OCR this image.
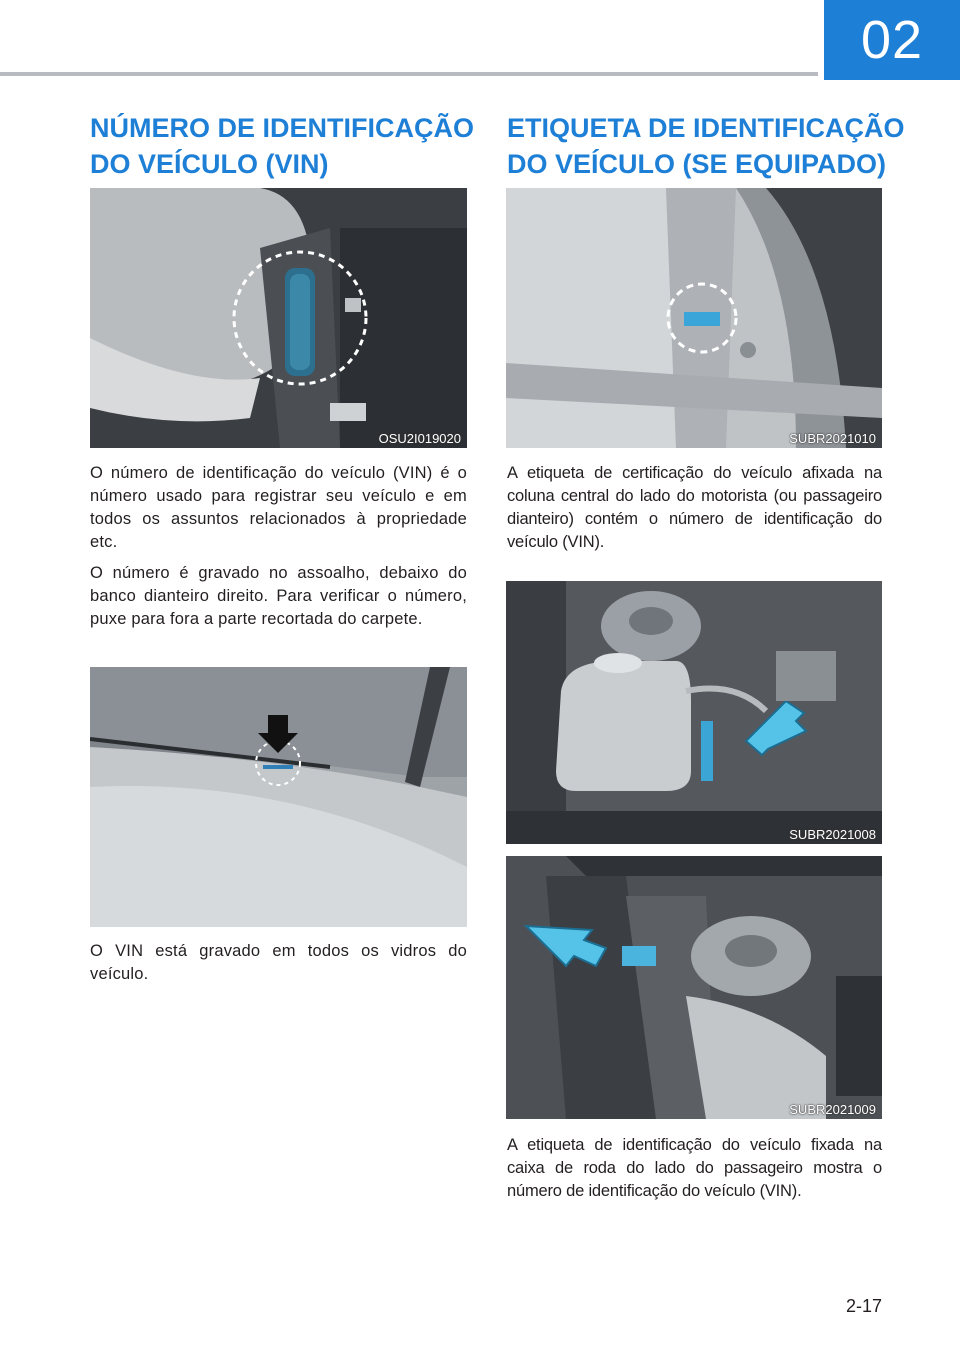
02
NÚMERO DE IDENTIFICAÇÃO
DO VEÍCULO (VIN)
OSU2I019020

O número de identificação do veículo (VIN) é o número usado para registrar seu veículo e em todos os assuntos relacionados à propriedade etc.

O número é gravado no assoalho, debaixo do banco dianteiro direito. Para verificar o número, puxe para fora a parte recortada do carpete.

O VIN está gravado em todos os vidros do veículo.

ETIQUETA DE IDENTIFICAÇÃO
DO VEÍCULO (SE EQUIPADO)
SUBR2021010

A etiqueta de certificação do veículo afixada na coluna central do lado do motorista (ou passageiro dianteiro) contém o número de identificação do veículo (VIN).

SUBR2021008
SUBR2021009

A etiqueta de identificação do veículo fixada na caixa de roda do lado do passageiro mostra o número de identificação do veículo (VIN).

2-17
